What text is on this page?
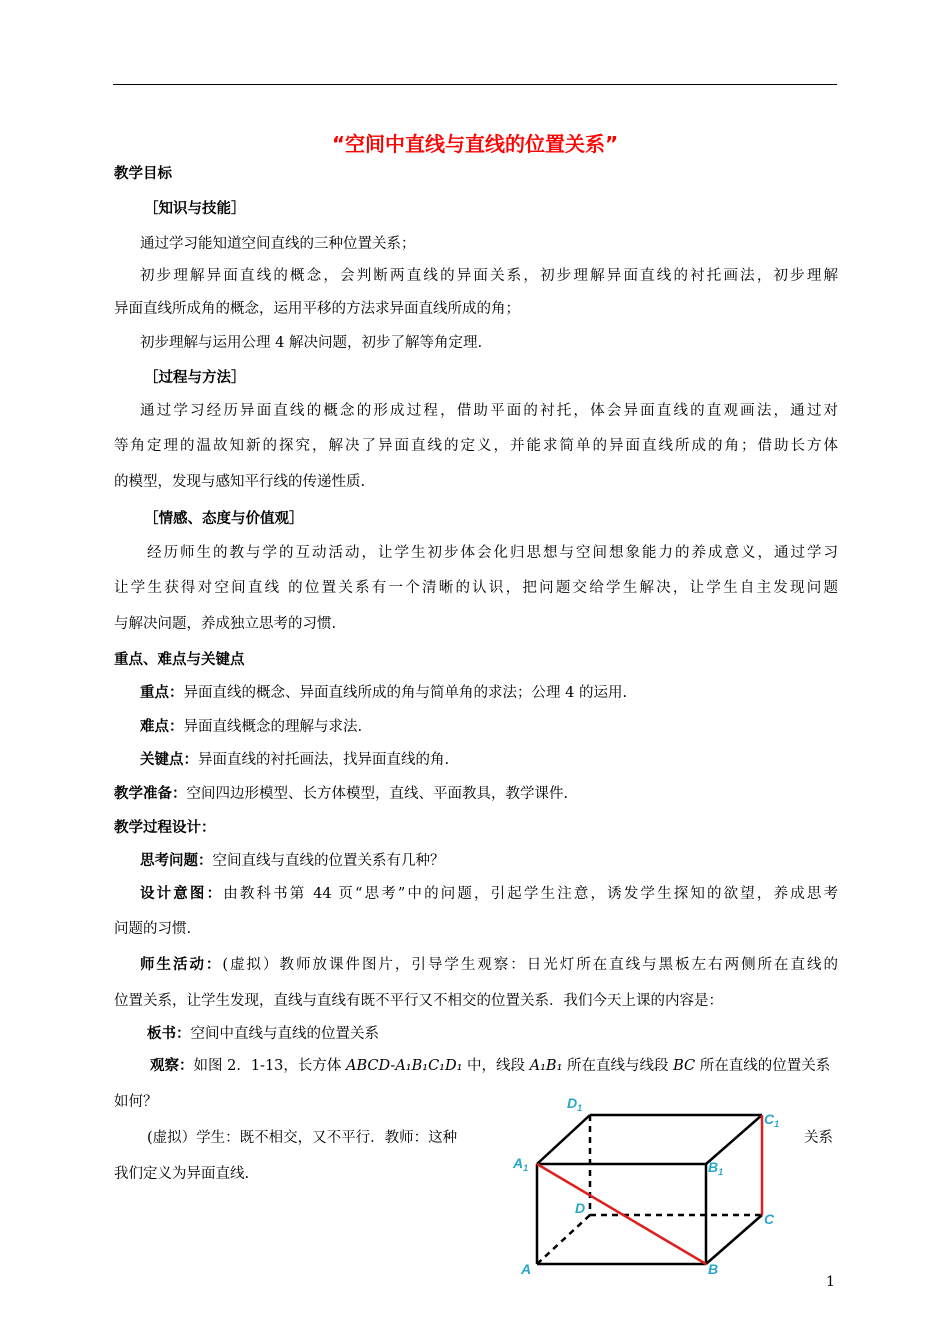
“空间中直线与直线的位置关系”
教学目标
［知识与技能］
通过学习能知道空间直线的三种位置关系；
初步理解异面直线的概念，会判断两直线的异面关系，初步理解异面直线的衬托画法，初步理解
异面直线所成角的概念，运用平移的方法求异面直线所成的角；
初步理解与运用公理 4 解决问题，初步了解等角定理.
［过程与方法］
通过学习经历异面直线的概念的形成过程，借助平面的衬托，体会异面直线的直观画法，通过对
等角定理的温故知新的探究，解决了异面直线的定义，并能求简单的异面直线所成的角；借助长方体
的模型，发现与感知平行线的传递性质.
［情感、态度与价值观］
经历师生的教与学的互动活动，让学生初步体会化归思想与空间想象能力的养成意义，通过学习
让学生获得对空间直线 的位置关系有一个清晰的认识，把问题交给学生解决，让学生自主发现问题
与解决问题，养成独立思考的习惯.
重点、难点与关键点
重点：异面直线的概念、异面直线所成的角与简单角的求法；公理 4 的运用.
难点：异面直线概念的理解与求法.
关键点：异面直线的衬托画法，找异面直线的角.
教学准备：空间四边形模型、长方体模型，直线、平面教具，教学课件.
教学过程设计：
思考问题：空间直线与直线的位置关系有几种？
设计意图：由教科书第 44 页“思考”中的问题，引起学生注意，诱发学生探知的欲望，养成思考
问题的习惯.
师生活动：(虚拟）教师放课件图片，引导学生观察：日光灯所在直线与黑板左右两侧所在直线的
位置关系，让学生发现，直线与直线有既不平行又不相交的位置关系．我们今天上课的内容是：
板书：空间中直线与直线的位置关系
观察：如图 2．1-13，长方体 ABCD-A₁B₁C₁D₁ 中，线段 A₁B₁ 所在直线与线段 BC 所在直线的位置关系
如何？
(虚拟）学生：既不相交，又不平行．教师：这种	关系
我们定义为异面直线.
$D_1$
$C_1$
$A_1$	$B_1$
D
C
A	B
1
